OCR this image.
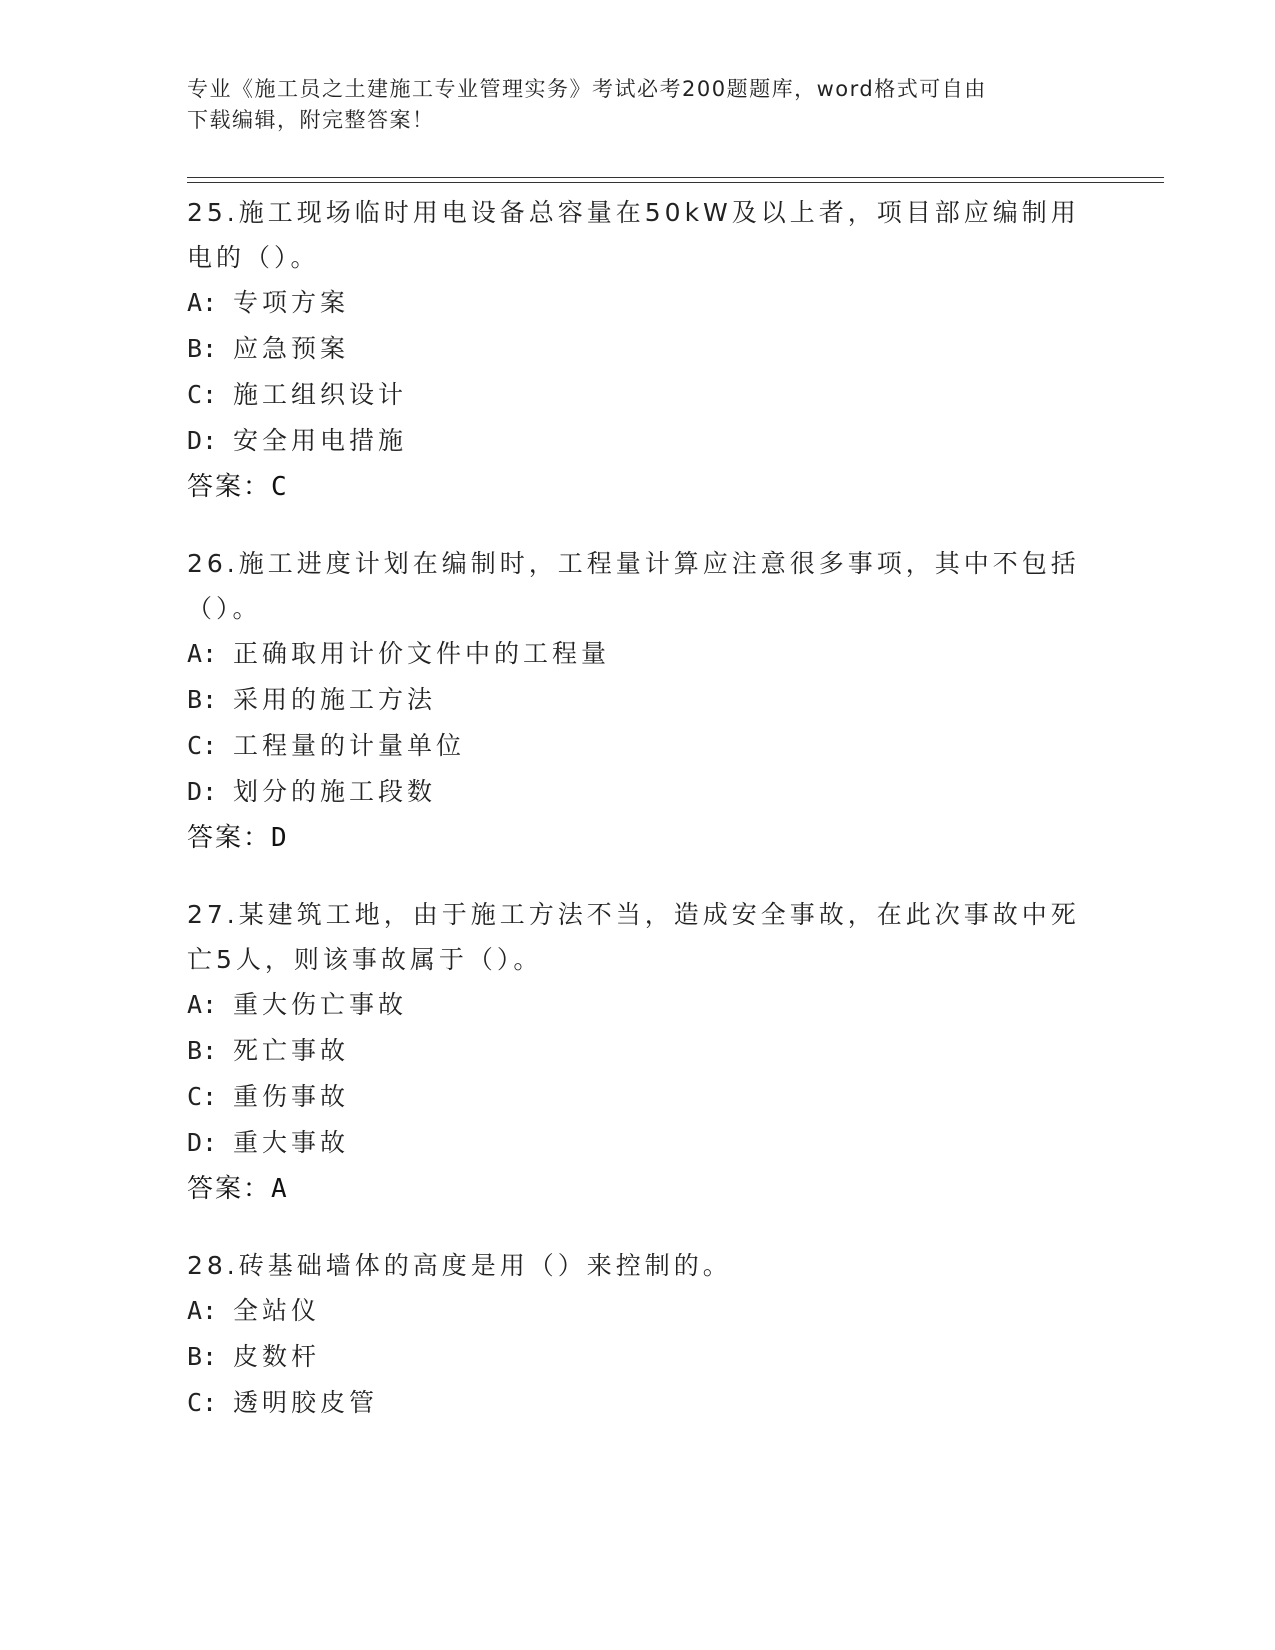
专业《施工员之土建施工专业管理实务》考试必考200题题库，word格式可自由
下载编辑，附完整答案！
25.施工现场临时用电设备总容量在50kW及以上者，项目部应编制用电的（）。
A: 专项方案
B: 应急预案
C: 施工组织设计
D: 安全用电措施
答案：C
26.施工进度计划在编制时，工程量计算应注意很多事项，其中不包括（）。
A: 正确取用计价文件中的工程量
B: 采用的施工方法
C: 工程量的计量单位
D: 划分的施工段数
答案：D
27.某建筑工地，由于施工方法不当，造成安全事故，在此次事故中死亡5人，则该事故属于（）。
A: 重大伤亡事故
B: 死亡事故
C: 重伤事故
D: 重大事故
答案：A
28.砖基础墙体的高度是用（）来控制的。
A: 全站仪
B: 皮数杆
C: 透明胶皮管
